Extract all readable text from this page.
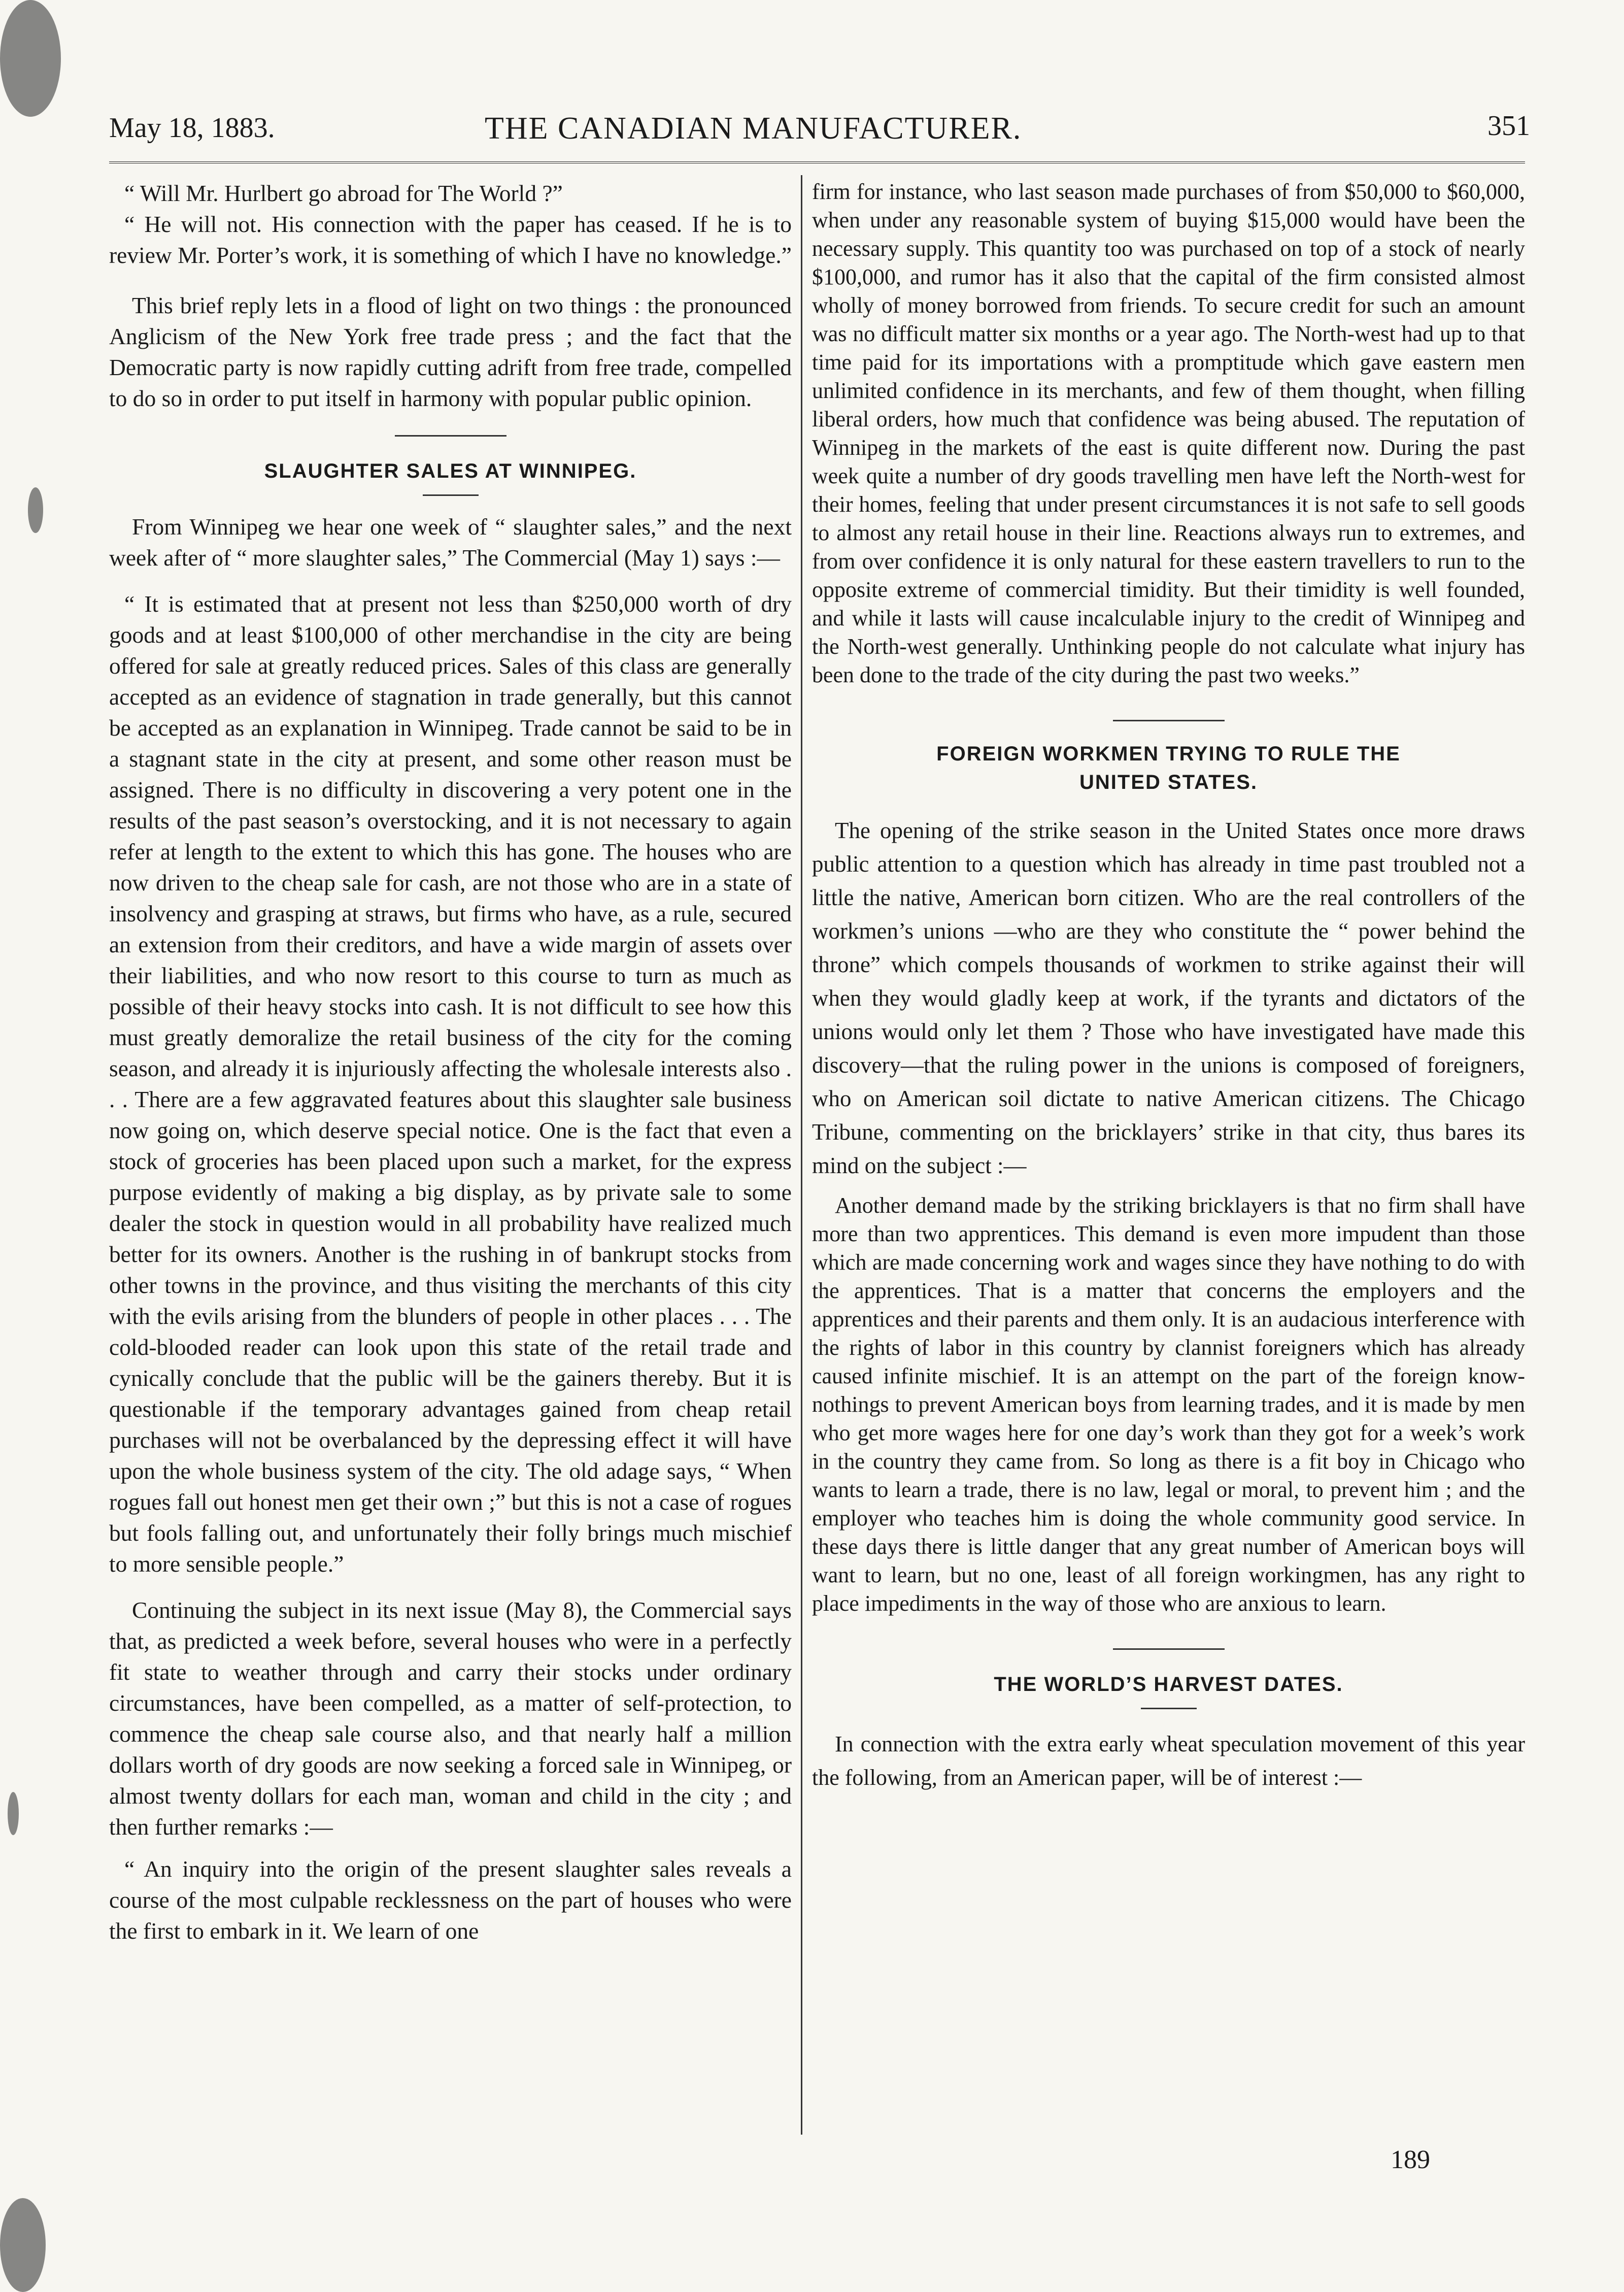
May 18, 1883.	THE CANADIAN MANUFACTURER.	351

“ Will Mr. Hurlbert go abroad for The World ?”

“ He will not. His connection with the paper has ceased. If he is to review Mr. Porter’s work, it is something of which I have no knowledge.”

This brief reply lets in a flood of light on two things : the pronounced Anglicism of the New York free trade press ; and the fact that the Democratic party is now rapidly cutting adrift from free trade, compelled to do so in order to put itself in harmony with popular public opinion.

SLAUGHTER SALES AT WINNIPEG.

From Winnipeg we hear one week of “ slaughter sales,” and the next week after of “ more slaughter sales,” The Commercial (May 1) says :—

“ It is estimated that at present not less than $250,000 worth of dry goods and at least $100,000 of other merchandise in the city are being offered for sale at greatly reduced prices. Sales of this class are generally accepted as an evidence of stagnation in trade generally, but this cannot be accepted as an explanation in Winnipeg. Trade cannot be said to be in a stagnant state in the city at present, and some other reason must be assigned. There is no difficulty in discovering a very potent one in the results of the past season’s overstocking, and it is not necessary to again refer at length to the extent to which this has gone. The houses who are now driven to the cheap sale for cash, are not those who are in a state of insolvency and grasping at straws, but firms who have, as a rule, secured an extension from their creditors, and have a wide margin of assets over their liabilities, and who now resort to this course to turn as much as possible of their heavy stocks into cash. It is not difficult to see how this must greatly demoralize the retail business of the city for the coming season, and already it is injuriously affecting the wholesale interests also . . . There are a few aggravated features about this slaughter sale business now going on, which deserve special notice. One is the fact that even a stock of groceries has been placed upon such a market, for the express purpose evidently of making a big display, as by private sale to some dealer the stock in question would in all probability have realized much better for its owners. Another is the rushing in of bankrupt stocks from other towns in the province, and thus visiting the merchants of this city with the evils arising from the blunders of people in other places . . . The cold-blooded reader can look upon this state of the retail trade and cynically conclude that the public will be the gainers thereby. But it is questionable if the temporary advantages gained from cheap retail purchases will not be overbalanced by the depressing effect it will have upon the whole business system of the city. The old adage says, “ When rogues fall out honest men get their own ;” but this is not a case of rogues but fools falling out, and unfortunately their folly brings much mischief to more sensible people.”

Continuing the subject in its next issue (May 8), the Commercial says that, as predicted a week before, several houses who were in a perfectly fit state to weather through and carry their stocks under ordinary circumstances, have been compelled, as a matter of self-protection, to commence the cheap sale course also, and that nearly half a million dollars worth of dry goods are now seeking a forced sale in Winnipeg, or almost twenty dollars for each man, woman and child in the city ; and then further remarks :—

“ An inquiry into the origin of the present slaughter sales reveals a course of the most culpable recklessness on the part of houses who were the first to embark in it. We learn of one

firm for instance, who last season made purchases of from $50,000 to $60,000, when under any reasonable system of buying $15,000 would have been the necessary supply. This quantity too was purchased on top of a stock of nearly $100,000, and rumor has it also that the capital of the firm consisted almost wholly of money borrowed from friends. To secure credit for such an amount was no difficult matter six months or a year ago. The North-west had up to that time paid for its importations with a promptitude which gave eastern men unlimited confidence in its merchants, and few of them thought, when filling liberal orders, how much that confidence was being abused. The reputation of Winnipeg in the markets of the east is quite different now. During the past week quite a number of dry goods travelling men have left the North-west for their homes, feeling that under present circumstances it is not safe to sell goods to almost any retail house in their line. Reactions always run to extremes, and from over confidence it is only natural for these eastern travellers to run to the opposite extreme of commercial timidity. But their timidity is well founded, and while it lasts will cause incalculable injury to the credit of Winnipeg and the North-west generally. Unthinking people do not calculate what injury has been done to the trade of the city during the past two weeks.”

FOREIGN WORKMEN TRYING TO RULE THE
UNITED STATES.

The opening of the strike season in the United States once more draws public attention to a question which has already in time past troubled not a little the native, American born citizen. Who are the real controllers of the workmen’s unions —who are they who constitute the “ power behind the throne” which compels thousands of workmen to strike against their will when they would gladly keep at work, if the tyrants and dictators of the unions would only let them ? Those who have investigated have made this discovery—that the ruling power in the unions is composed of foreigners, who on American soil dictate to native American citizens. The Chicago Tribune, commenting on the bricklayers’ strike in that city, thus bares its mind on the subject :—

Another demand made by the striking bricklayers is that no firm shall have more than two apprentices. This demand is even more impudent than those which are made concerning work and wages since they have nothing to do with the apprentices. That is a matter that concerns the employers and the apprentices and their parents and them only. It is an audacious interference with the rights of labor in this country by clannist foreigners which has already caused infinite mischief. It is an attempt on the part of the foreign know-nothings to prevent American boys from learning trades, and it is made by men who get more wages here for one day’s work than they got for a week’s work in the country they came from. So long as there is a fit boy in Chicago who wants to learn a trade, there is no law, legal or moral, to prevent him ; and the employer who teaches him is doing the whole community good service. In these days there is little danger that any great number of American boys will want to learn, but no one, least of all foreign workingmen, has any right to place impediments in the way of those who are anxious to learn.

THE WORLD’S HARVEST DATES.

In connection with the extra early wheat speculation movement of this year the following, from an American paper, will be of interest :—

189
